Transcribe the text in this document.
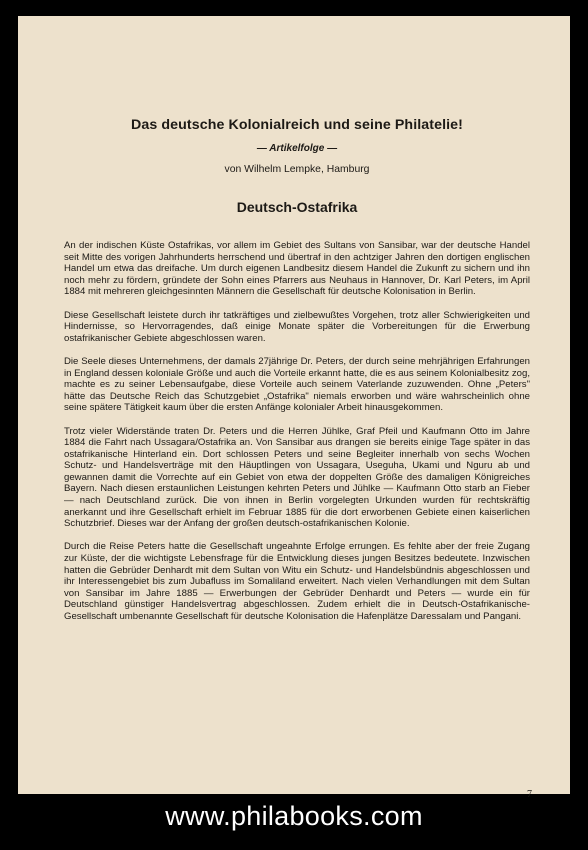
Das deutsche Kolonialreich und seine Philatelie!
— Artikelfolge —
von Wilhelm Lempke, Hamburg
Deutsch-Ostafrika

An der indischen Küste Ostafrikas, vor allem im Gebiet des Sultans von Sansibar, war der deutsche Handel seit Mitte des vorigen Jahrhunderts herrschend und übertraf in den achtziger Jahren den dortigen englischen Handel um etwa das dreifache. Um durch eigenen Landbesitz diesem Handel die Zukunft zu sichern und ihn noch mehr zu fördern, gründete der Sohn eines Pfarrers aus Neuhaus in Hannover, Dr. Karl Peters, im April 1884 mit mehreren gleichgesinnten Männern die Gesellschaft für deutsche Kolonisation in Berlin.

Diese Gesellschaft leistete durch ihr tatkräftiges und zielbewußtes Vorgehen, trotz aller Schwierigkeiten und Hindernisse, so Hervorragendes, daß einige Monate später die Vorbereitungen für die Erwerbung ostafrikanischer Gebiete abgeschlossen waren.

Die Seele dieses Unternehmens, der damals 27jährige Dr. Peters, der durch seine mehrjährigen Erfahrungen in England dessen koloniale Größe und auch die Vorteile erkannt hatte, die es aus seinem Kolonialbesitz zog, machte es zu seiner Lebensaufgabe, diese Vorteile auch seinem Vaterlande zuzuwenden. Ohne „Peters" hätte das Deutsche Reich das Schutzgebiet „Ostafrika" niemals erworben und wäre wahrscheinlich ohne seine spätere Tätigkeit kaum über die ersten Anfänge kolonialer Arbeit hinausgekommen.

Trotz vieler Widerstände traten Dr. Peters und die Herren Jühlke, Graf Pfeil und Kaufmann Otto im Jahre 1884 die Fahrt nach Ussagara/Ostafrika an. Von Sansibar aus drangen sie bereits einige Tage später in das ostafrikanische Hinterland ein. Dort schlossen Peters und seine Begleiter innerhalb von sechs Wochen Schutz- und Handelsverträge mit den Häuptlingen von Ussagara, Useguha, Ukami und Nguru ab und gewannen damit die Vorrechte auf ein Gebiet von etwa der doppelten Größe des damaligen Königreiches Bayern. Nach diesen erstaunlichen Leistungen kehrten Peters und Jühlke — Kaufmann Otto starb an Fieber — nach Deutschland zurück. Die von ihnen in Berlin vorgelegten Urkunden wurden für rechtskräftig anerkannt und ihre Gesellschaft erhielt im Februar 1885 für die dort erworbenen Gebiete einen kaiserlichen Schutzbrief. Dieses war der Anfang der großen deutsch-ostafrikanischen Kolonie.

Durch die Reise Peters hatte die Gesellschaft ungeahnte Erfolge errungen. Es fehlte aber der freie Zugang zur Küste, der die wichtigste Lebensfrage für die Entwicklung dieses jungen Besitzes bedeutete. Inzwischen hatten die Gebrüder Denhardt mit dem Sultan von Witu ein Schutz- und Handelsbündnis abgeschlossen und ihr Interessengebiet bis zum Jubafluss im Somaliland erweitert. Nach vielen Verhandlungen mit dem Sultan von Sansibar im Jahre 1885 — Erwerbungen der Gebrüder Denhardt und Peters — wurde ein für Deutschland günstiger Handelsvertrag abgeschlossen. Zudem erhielt die in Deutsch-Ostafrikanische-Gesellschaft umbenannte Gesellschaft für deutsche Kolonisation die Hafenplätze Daressalam und Pangani.

7
www.philabooks.com
